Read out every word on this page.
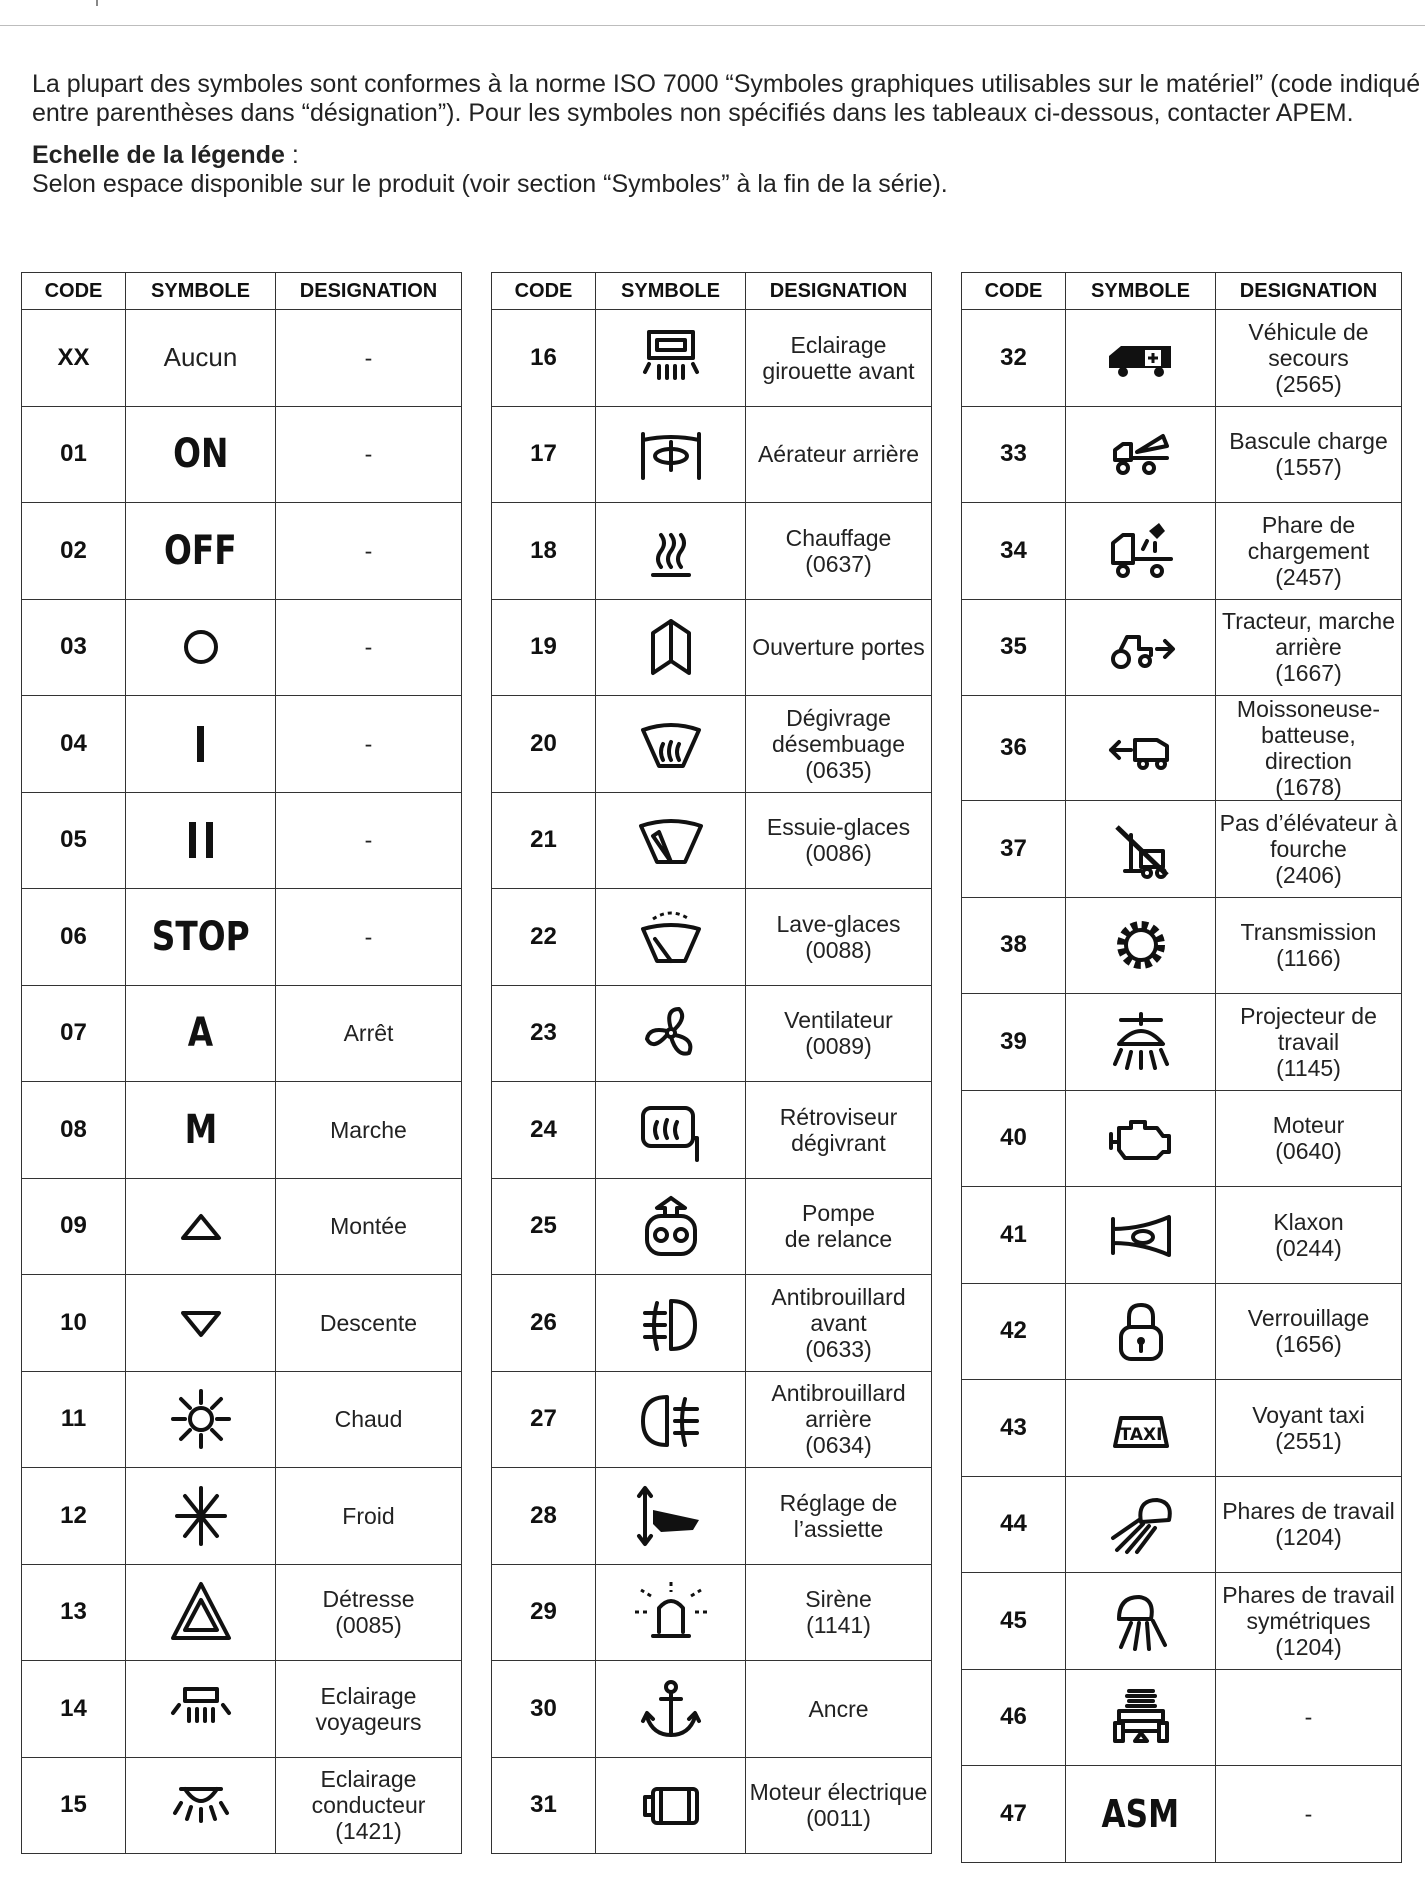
La plupart des symboles sont conformes à la norme ISO 7000 “Symboles graphiques utilisables sur le matériel” (code indiqué entre parenthèses dans “désignation”). Pour les symboles non spécifiés dans les tableaux ci-dessous, contacter APEM.

Echelle de la légende :

Selon espace disponible sur le produit (voir section “Symboles” à la fin de la série).

CODE	SYMBOLE	DESIGNATION
XX	Aucun	-
01	ON	-
02	OFF	-
03		-
04		-
05		-
06	STOP	-
07	A	Arrêt
08	M	Marche
09		Montée
10		Descente
11		Chaud
12		Froid
13		Détresse
(0085)
14		Eclairage
voyageurs
15		Eclairage
conducteur
(1421)
CODE	SYMBOLE	DESIGNATION
16		Eclairage
girouette avant
17		Aérateur arrière
18		Chauffage
(0637)
19		Ouverture portes
20		Dégivrage
désembuage
(0635)
21		Essuie-glaces
(0086)
22		Lave-glaces
(0088)
23		Ventilateur
(0089)
24		Rétroviseur
dégivrant
25		Pompe
de relance
26		Antibrouillard
avant
(0633)
27		Antibrouillard
arrière
(0634)
28		Réglage de
l’assiette
29		Sirène
(1141)
30		Ancre
31		Moteur électrique
(0011)
CODE	SYMBOLE	DESIGNATION
32		Véhicule de
secours
(2565)
33		Bascule charge
(1557)
34		Phare de
chargement
(2457)
35		Tracteur, marche
arrière
(1667)
36		Moissoneuse-
batteuse, direction
(1678)
37		Pas d’élévateur à
fourche
(2406)
38		Transmission
(1166)
39		Projecteur de
travail
(1145)
40		Moteur
(0640)
41		Klaxon
(0244)
42		Verrouillage
(1656)
43	TAXI	Voyant taxi
(2551)
44		Phares de travail
(1204)
45		Phares de travail
symétriques
(1204)
46		-
47	ASM	-
